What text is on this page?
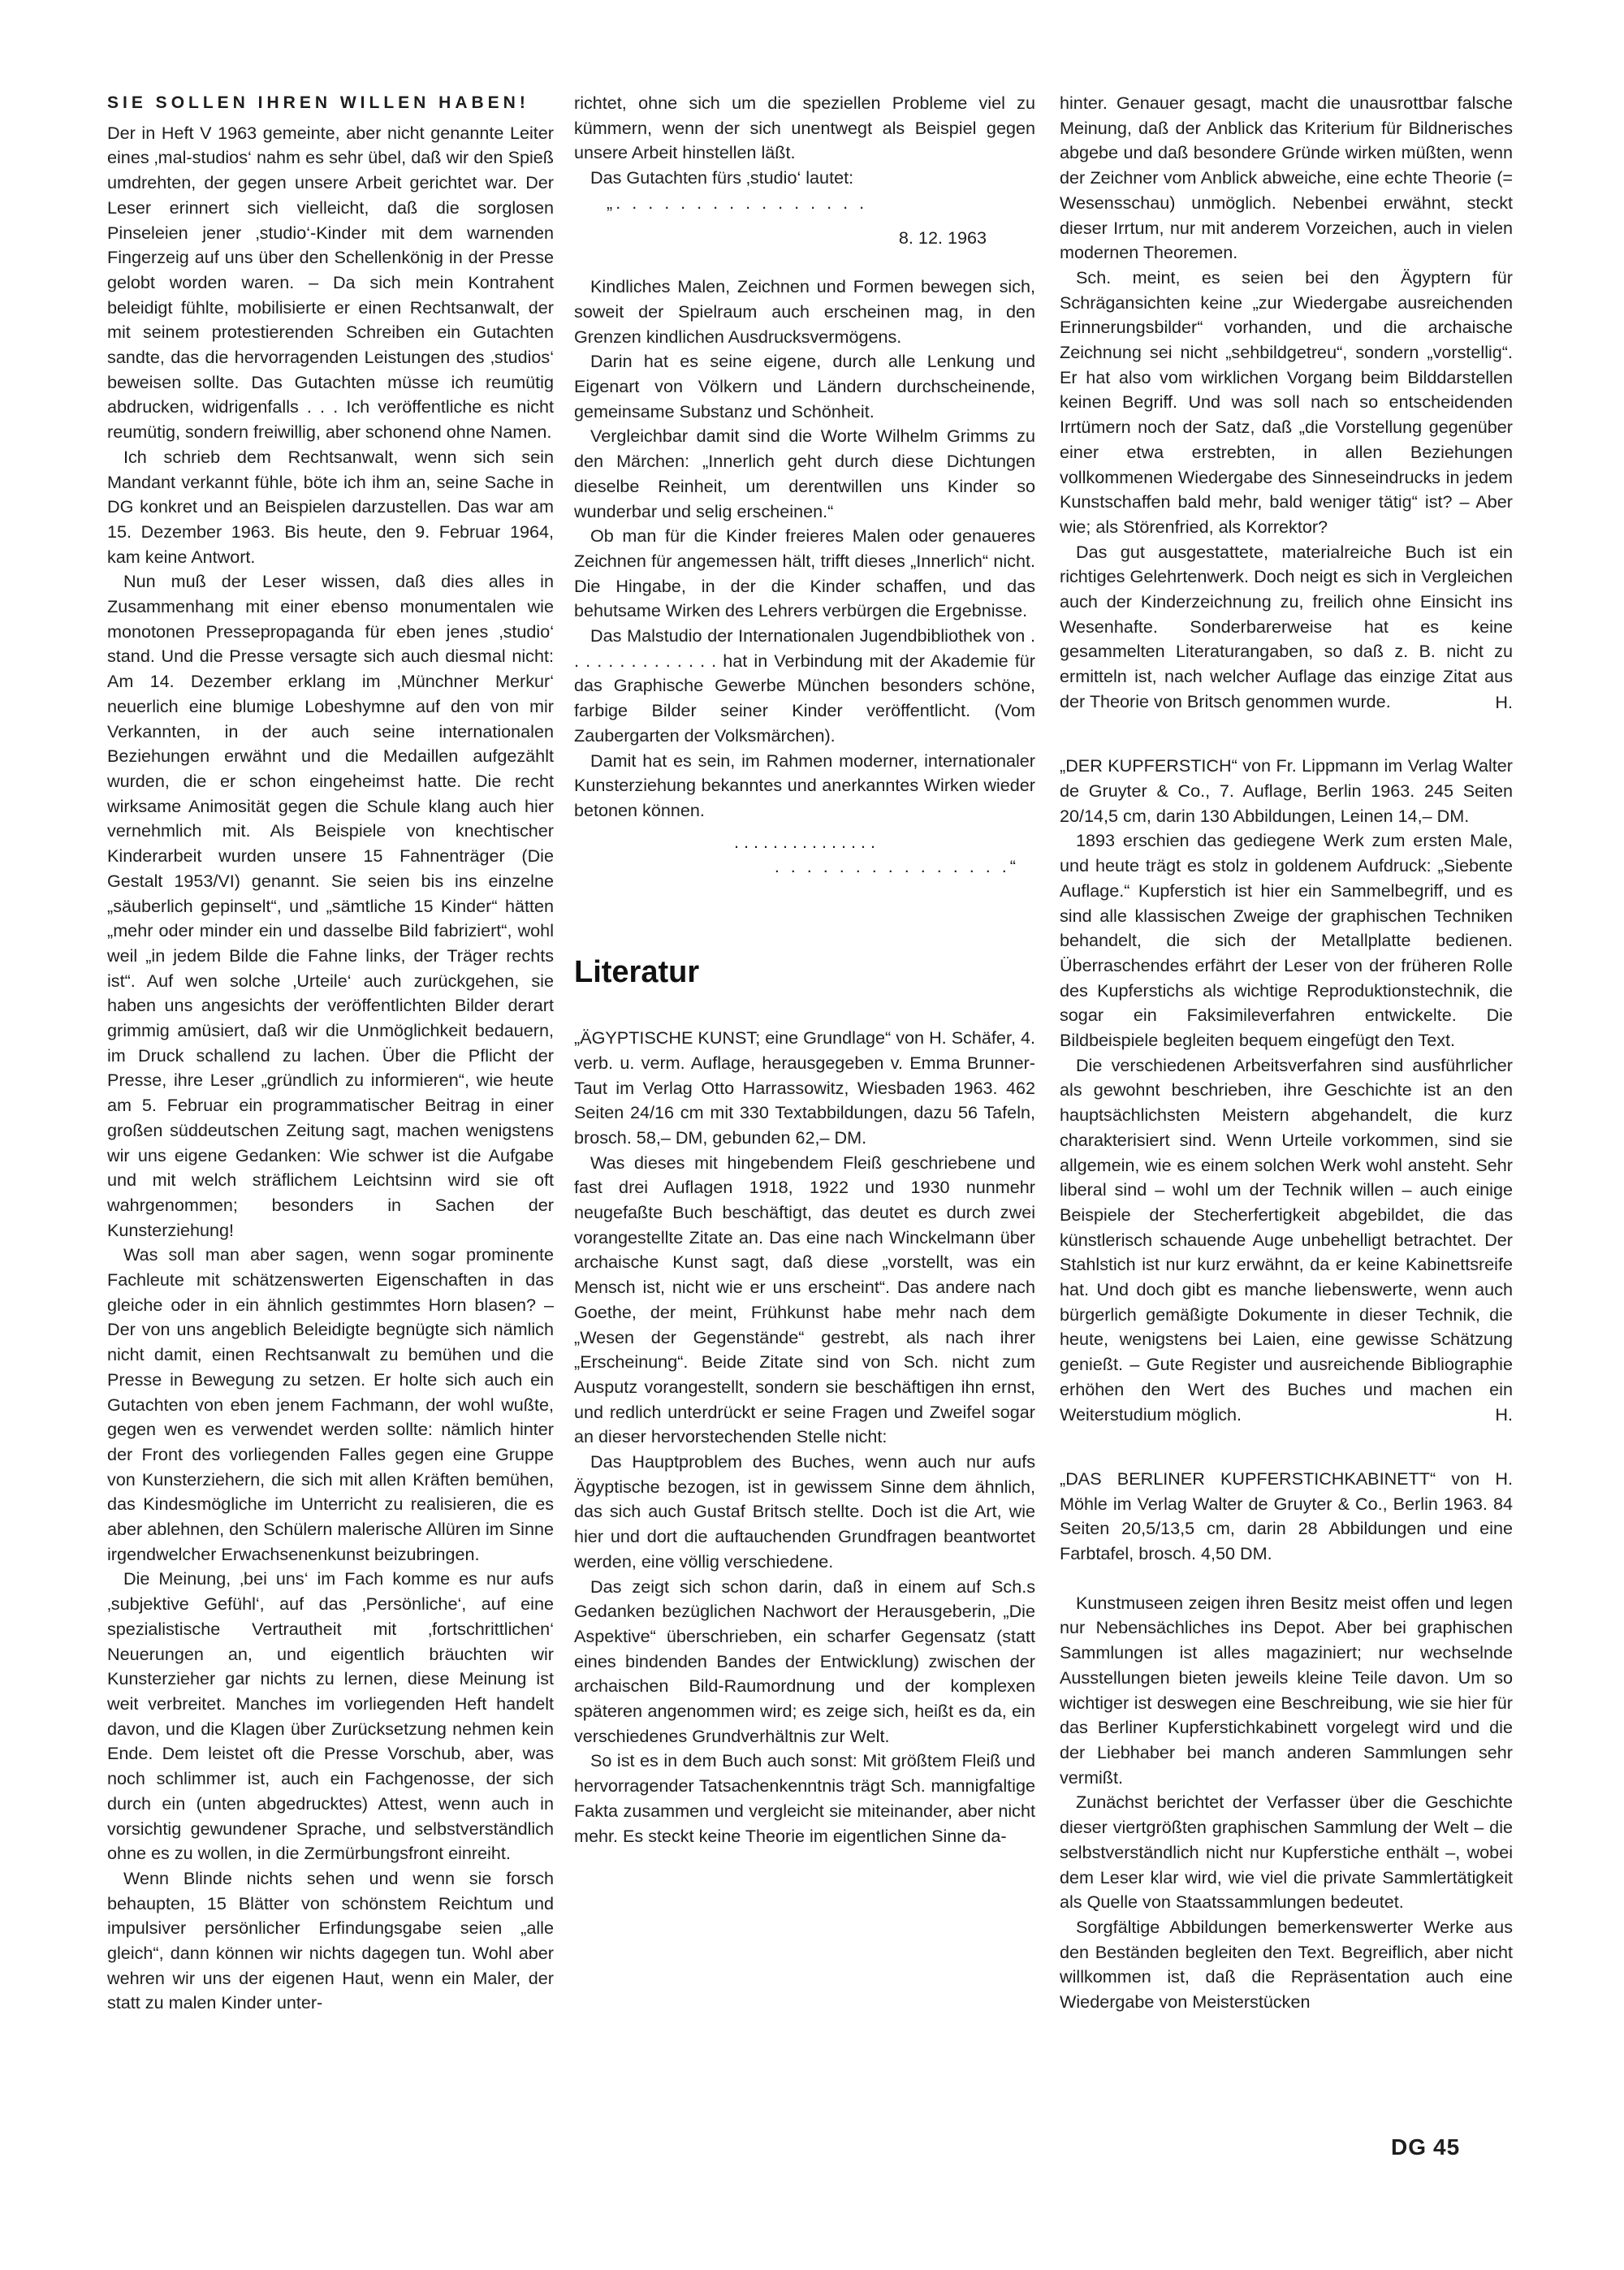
SIE SOLLEN IHREN WILLEN HABEN!

Der in Heft V 1963 gemeinte, aber nicht genannte Leiter eines ‚mal-studios‘ nahm es sehr übel, daß wir den Spieß umdrehten, der gegen unsere Arbeit gerichtet war. Der Leser erinnert sich vielleicht, daß die sorglosen Pinseleien jener ‚studio‘-Kinder mit dem warnenden Fingerzeig auf uns über den Schellenkönig in der Presse gelobt worden waren. – Da sich mein Kontrahent beleidigt fühlte, mobilisierte er einen Rechtsanwalt, der mit seinem protestierenden Schreiben ein Gutachten sandte, das die hervorragenden Leistungen des ‚studios‘ beweisen sollte. Das Gutachten müsse ich reumütig abdrucken, widrigenfalls . . . Ich veröffentliche es nicht reumütig, sondern freiwillig, aber schonend ohne Namen.

Ich schrieb dem Rechtsanwalt, wenn sich sein Mandant verkannt fühle, böte ich ihm an, seine Sache in DG konkret und an Beispielen darzustellen. Das war am 15. Dezember 1963. Bis heute, den 9. Februar 1964, kam keine Antwort.

Nun muß der Leser wissen, daß dies alles in Zusammenhang mit einer ebenso monumentalen wie monotonen Pressepropaganda für eben jenes ‚studio‘ stand. Und die Presse versagte sich auch diesmal nicht: Am 14. Dezember erklang im ‚Münchner Merkur‘ neuerlich eine blumige Lobeshymne auf den von mir Verkannten, in der auch seine internationalen Beziehungen erwähnt und die Medaillen aufgezählt wurden, die er schon eingeheimst hatte. Die recht wirksame Animosität gegen die Schule klang auch hier vernehmlich mit. Als Beispiele von knechtischer Kinderarbeit wurden unsere 15 Fahnenträger (Die Gestalt 1953/VI) genannt. Sie seien bis ins einzelne „säuberlich gepinselt“, und „sämtliche 15 Kinder“ hätten „mehr oder minder ein und dasselbe Bild fabriziert“, wohl weil „in jedem Bilde die Fahne links, der Träger rechts ist“. Auf wen solche ‚Urteile‘ auch zurückgehen, sie haben uns angesichts der veröffentlichten Bilder derart grimmig amüsiert, daß wir die Unmöglichkeit bedauern, im Druck schallend zu lachen. Über die Pflicht der Presse, ihre Leser „gründlich zu informieren“, wie heute am 5. Februar ein programmatischer Beitrag in einer großen süddeutschen Zeitung sagt, machen wenigstens wir uns eigene Gedanken: Wie schwer ist die Aufgabe und mit welch sträflichem Leichtsinn wird sie oft wahrgenommen; besonders in Sachen der Kunsterziehung!

Was soll man aber sagen, wenn sogar prominente Fachleute mit schätzenswerten Eigenschaften in das gleiche oder in ein ähnlich gestimmtes Horn blasen? – Der von uns angeblich Beleidigte begnügte sich nämlich nicht damit, einen Rechtsanwalt zu bemühen und die Presse in Bewegung zu setzen. Er holte sich auch ein Gutachten von eben jenem Fachmann, der wohl wußte, gegen wen es verwendet werden sollte: nämlich hinter der Front des vorliegenden Falles gegen eine Gruppe von Kunsterziehern, die sich mit allen Kräften bemühen, das Kindesmögliche im Unterricht zu realisieren, die es aber ablehnen, den Schülern malerische Allüren im Sinne irgendwelcher Erwachsenenkunst beizubringen.

Die Meinung, ‚bei uns‘ im Fach komme es nur aufs ‚subjektive Gefühl‘, auf das ‚Persönliche‘, auf eine spezialistische Vertrautheit mit ‚fortschrittlichen‘ Neuerungen an, und eigentlich bräuchten wir Kunsterzieher gar nichts zu lernen, diese Meinung ist weit verbreitet. Manches im vorliegenden Heft handelt davon, und die Klagen über Zurücksetzung nehmen kein Ende. Dem leistet oft die Presse Vorschub, aber, was noch schlimmer ist, auch ein Fachgenosse, der sich durch ein (unten abgedrucktes) Attest, wenn auch in vorsichtig gewundener Sprache, und selbstverständlich ohne es zu wollen, in die Zermürbungsfront einreiht.

Wenn Blinde nichts sehen und wenn sie forsch behaupten, 15 Blätter von schönstem Reichtum und impulsiver persönlicher Erfindungsgabe seien „alle gleich“, dann können wir nichts dagegen tun. Wohl aber wehren wir uns der eigenen Haut, wenn ein Maler, der statt zu malen Kinder unter-

richtet, ohne sich um die speziellen Probleme viel zu kümmern, wenn der sich unentwegt als Beispiel gegen unsere Arbeit hinstellen läßt.

Das Gutachten fürs ‚studio‘ lautet:

„. . . . . . . . . . . . . . . .

8. 12. 1963

Kindliches Malen, Zeichnen und Formen bewegen sich, soweit der Spielraum auch erscheinen mag, in den Grenzen kindlichen Ausdrucksvermögens.

Darin hat es seine eigene, durch alle Lenkung und Eigenart von Völkern und Ländern durchscheinende, gemeinsame Substanz und Schönheit.

Vergleichbar damit sind die Worte Wilhelm Grimms zu den Märchen: „Innerlich geht durch diese Dichtungen dieselbe Reinheit, um derentwillen uns Kinder so wunderbar und selig erscheinen.“

Ob man für die Kinder freieres Malen oder genaueres Zeichnen für angemessen hält, trifft dieses „Innerlich“ nicht. Die Hingabe, in der die Kinder schaffen, und das behutsame Wirken des Lehrers verbürgen die Ergebnisse.

Das Malstudio der Internationalen Jugendbibliothek von . . . . . . . . . . . . . . hat in Verbindung mit der Akademie für das Graphische Gewerbe München besonders schöne, farbige Bilder seiner Kinder veröffentlicht. (Vom Zaubergarten der Volksmärchen).

Damit hat es sein, im Rahmen moderner, internationaler Kunsterziehung bekanntes und anerkanntes Wirken wieder betonen können.

. . . . . . . . . . . . . . .

. . . . . . . . . . . . . . .“

Literatur

„ÄGYPTISCHE KUNST; eine Grundlage“ von H. Schäfer, 4. verb. u. verm. Auflage, herausgegeben v. Emma Brunner-Taut im Verlag Otto Harrassowitz, Wiesbaden 1963. 462 Seiten 24/16 cm mit 330 Textabbildungen, dazu 56 Tafeln, brosch. 58,– DM, gebunden 62,– DM.

Was dieses mit hingebendem Fleiß geschriebene und fast drei Auflagen 1918, 1922 und 1930 nunmehr neugefaßte Buch beschäftigt, das deutet es durch zwei vorangestellte Zitate an. Das eine nach Winckelmann über archaische Kunst sagt, daß diese „vorstellt, was ein Mensch ist, nicht wie er uns erscheint“. Das andere nach Goethe, der meint, Frühkunst habe mehr nach dem „Wesen der Gegenstände“ gestrebt, als nach ihrer „Erscheinung“. Beide Zitate sind von Sch. nicht zum Ausputz vorangestellt, sondern sie beschäftigen ihn ernst, und redlich unterdrückt er seine Fragen und Zweifel sogar an dieser hervorstechenden Stelle nicht:

Das Hauptproblem des Buches, wenn auch nur aufs Ägyptische bezogen, ist in gewissem Sinne dem ähnlich, das sich auch Gustaf Britsch stellte. Doch ist die Art, wie hier und dort die auftauchenden Grundfragen beantwortet werden, eine völlig verschiedene.

Das zeigt sich schon darin, daß in einem auf Sch.s Gedanken bezüglichen Nachwort der Herausgeberin, „Die Aspektive“ überschrieben, ein scharfer Gegensatz (statt eines bindenden Bandes der Entwicklung) zwischen der archaischen Bild-Raumordnung und der komplexen späteren angenommen wird; es zeige sich, heißt es da, ein verschiedenes Grundverhältnis zur Welt.

So ist es in dem Buch auch sonst: Mit größtem Fleiß und hervorragender Tatsachenkenntnis trägt Sch. mannigfaltige Fakta zusammen und vergleicht sie miteinander, aber nicht mehr. Es steckt keine Theorie im eigentlichen Sinne da-

hinter. Genauer gesagt, macht die unausrottbar falsche Meinung, daß der Anblick das Kriterium für Bildnerisches abgebe und daß besondere Gründe wirken müßten, wenn der Zeichner vom Anblick abweiche, eine echte Theorie (= Wesensschau) unmöglich. Nebenbei erwähnt, steckt dieser Irrtum, nur mit anderem Vorzeichen, auch in vielen modernen Theoremen.

Sch. meint, es seien bei den Ägyptern für Schrägansichten keine „zur Wiedergabe ausreichenden Erinnerungsbilder“ vorhanden, und die archaische Zeichnung sei nicht „sehbildgetreu“, sondern „vorstellig“. Er hat also vom wirklichen Vorgang beim Bilddarstellen keinen Begriff. Und was soll nach so entscheidenden Irrtümern noch der Satz, daß „die Vorstellung gegenüber einer etwa erstrebten, in allen Beziehungen vollkommenen Wiedergabe des Sinneseindrucks in jedem Kunstschaffen bald mehr, bald weniger tätig“ ist? – Aber wie; als Störenfried, als Korrektor?

Das gut ausgestattete, materialreiche Buch ist ein richtiges Gelehrtenwerk. Doch neigt es sich in Vergleichen auch der Kinderzeichnung zu, freilich ohne Einsicht ins Wesenhafte. Sonderbarerweise hat es keine gesammelten Literaturangaben, so daß z. B. nicht zu ermitteln ist, nach welcher Auflage das einzige Zitat aus der Theorie von Britsch genommen wurde.	H.

„DER KUPFERSTICH“ von Fr. Lippmann im Verlag Walter de Gruyter & Co., 7. Auflage, Berlin 1963. 245 Seiten 20/14,5 cm, darin 130 Abbildungen, Leinen 14,– DM.

1893 erschien das gediegene Werk zum ersten Male, und heute trägt es stolz in goldenem Aufdruck: „Siebente Auflage.“ Kupferstich ist hier ein Sammelbegriff, und es sind alle klassischen Zweige der graphischen Techniken behandelt, die sich der Metallplatte bedienen. Überraschendes erfährt der Leser von der früheren Rolle des Kupferstichs als wichtige Reproduktionstechnik, die sogar ein Faksimileverfahren entwickelte. Die Bildbeispiele begleiten bequem eingefügt den Text.

Die verschiedenen Arbeitsverfahren sind ausführlicher als gewohnt beschrieben, ihre Geschichte ist an den hauptsächlichsten Meistern abgehandelt, die kurz charakterisiert sind. Wenn Urteile vorkommen, sind sie allgemein, wie es einem solchen Werk wohl ansteht. Sehr liberal sind – wohl um der Technik willen – auch einige Beispiele der Stecherfertigkeit abgebildet, die das künstlerisch schauende Auge unbehelligt betrachtet. Der Stahlstich ist nur kurz erwähnt, da er keine Kabinettsreife hat. Und doch gibt es manche liebenswerte, wenn auch bürgerlich gemäßigte Dokumente in dieser Technik, die heute, wenigstens bei Laien, eine gewisse Schätzung genießt. – Gute Register und ausreichende Bibliographie erhöhen den Wert des Buches und machen ein Weiterstudium möglich.	H.

„DAS BERLINER KUPFERSTICHKABINETT“ von H. Möhle im Verlag Walter de Gruyter & Co., Berlin 1963. 84 Seiten 20,5/13,5 cm, darin 28 Abbildungen und eine Farbtafel, brosch. 4,50 DM.

Kunstmuseen zeigen ihren Besitz meist offen und legen nur Nebensächliches ins Depot. Aber bei graphischen Sammlungen ist alles magaziniert; nur wechselnde Ausstellungen bieten jeweils kleine Teile davon. Um so wichtiger ist deswegen eine Beschreibung, wie sie hier für das Berliner Kupferstichkabinett vorgelegt wird und die der Liebhaber bei manch anderen Sammlungen sehr vermißt.

Zunächst berichtet der Verfasser über die Geschichte dieser viertgrößten graphischen Sammlung der Welt – die selbstverständlich nicht nur Kupferstiche enthält –, wobei dem Leser klar wird, wie viel die private Sammlertätigkeit als Quelle von Staatssammlungen bedeutet.

Sorgfältige Abbildungen bemerkenswerter Werke aus den Beständen begleiten den Text. Begreiflich, aber nicht willkommen ist, daß die Repräsentation auch eine Wiedergabe von Meisterstücken

DG 45
